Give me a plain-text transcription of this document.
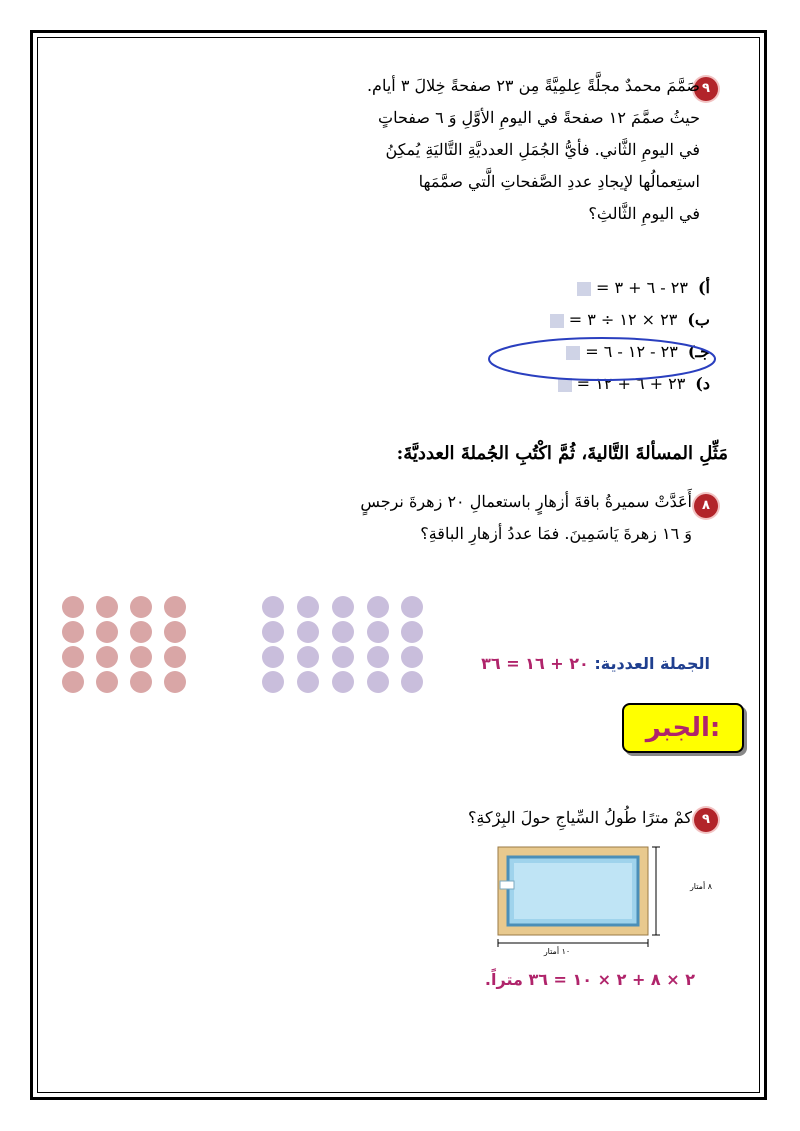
٩
صَمَّمَ محمدٌ مجلَّةً عِلمِيَّةً مِن ٢٣ صفحةً خِلالَ ٣ أيام.
حيثُ صمَّمَ ١٢ صفحةً في اليومِ الأوَّلِ وَ ٦ صفحاتٍ
في اليومِ الثَّاني. فأيُّ الجُمَلِ العدديَّةِ التَّاليَةِ يُمكِنُ
استِعمالُها لإيجادِ عددِ الصَّفحاتِ الَّتي صمَّمَها
في اليومِ الثَّالثِ؟
أ)٢٣ - ٦ + ٣ =
ب)٢٣ × ١٢ ÷ ٣ =
جـ)٢٣ - ١٢ - ٦ =
د)٢٣ + ٦ + ١٢ =
مَثِّلِ المسألةَ التَّاليةَ، ثُمَّ اكْتُبِ الجُملةَ العدديَّةَ:
٨
أَعَدَّتْ سميرةُ باقةَ أزهارٍ باستعمالِ ٢٠ زهرةَ نرجسٍ
وَ ١٦ زهرةَ يَاسَمِينَ. فمَا عددُ أزهارِ الباقةِ؟
الجملة العددية: ٢٠ + ١٦ = ٣٦
الجبر:
٩
كمْ مترًا طُولُ السِّياجِ حولَ البِرْكةِ؟
٨ أمتار
١٠ أمتار
٢ × ٨ + ٢ × ١٠ = ٣٦ متراً.
